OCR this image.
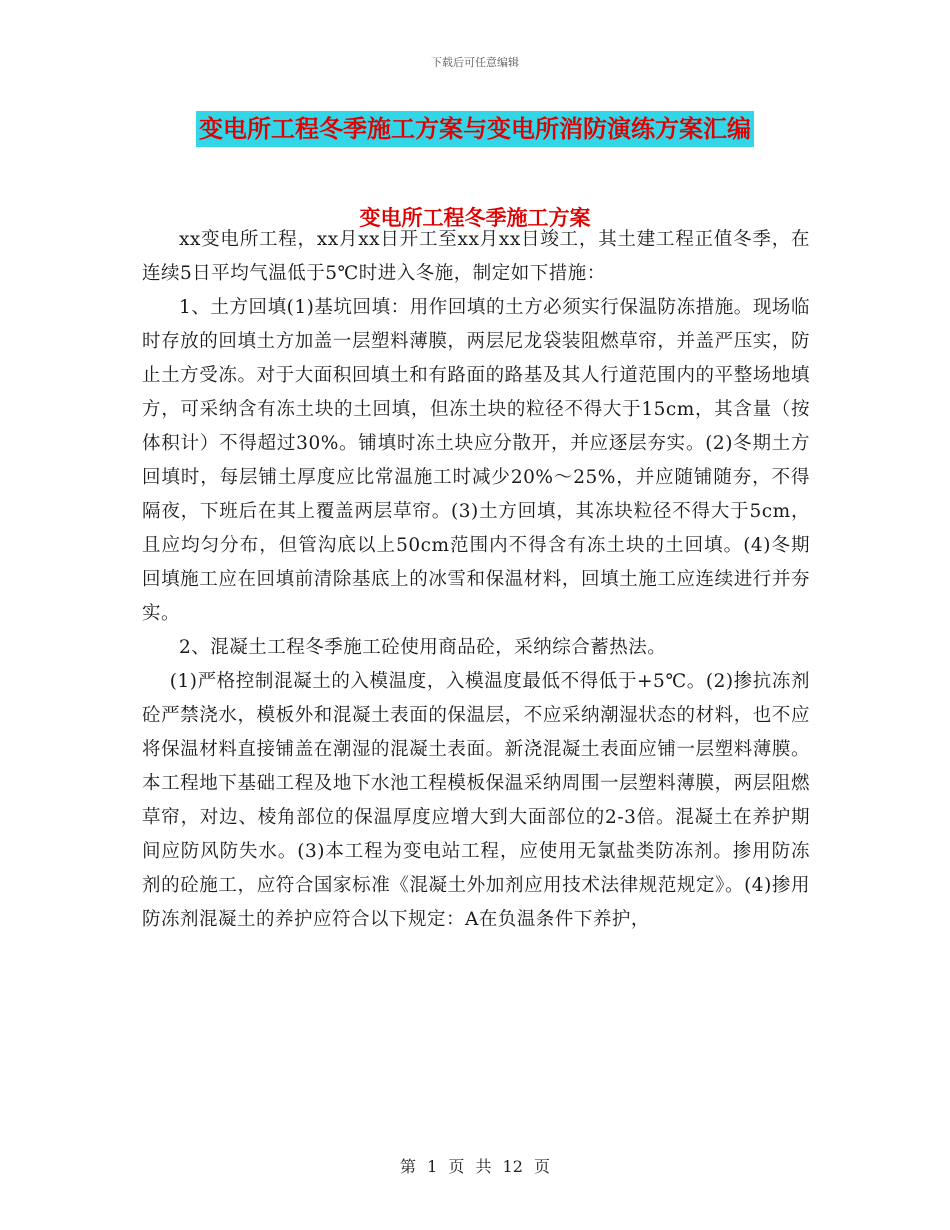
下载后可任意编辑
变电所工程冬季施工方案与变电所消防演练方案汇编
变电所工程冬季施工方案

xx变电所工程，xx月xx日开工至xx月xx日竣工，其土建工程正值冬季，在连续5日平均气温低于5℃时进入冬施，制定如下措施：

1、土方回填(1)基坑回填：用作回填的土方必须实行保温防冻措施。现场临时存放的回填土方加盖一层塑料薄膜，两层尼龙袋装阻燃草帘，并盖严压实，防止土方受冻。对于大面积回填土和有路面的路基及其人行道范围内的平整场地填方，可采纳含有冻土块的土回填，但冻土块的粒径不得大于15cm，其含量（按体积计）不得超过30%。铺填时冻土块应分散开，并应逐层夯实。(2)冬期土方回填时，每层铺土厚度应比常温施工时减少20%～25%，并应随铺随夯，不得隔夜，下班后在其上覆盖两层草帘。(3)土方回填，其冻块粒径不得大于5cm，且应均匀分布，但管沟底以上50cm范围内不得含有冻土块的土回填。(4)冬期回填施工应在回填前清除基底上的冰雪和保温材料，回填土施工应连续进行并夯实。

2、混凝土工程冬季施工砼使用商品砼，采纳综合蓄热法。

(1)严格控制混凝土的入模温度，入模温度最低不得低于+5℃。(2)掺抗冻剂砼严禁浇水，模板外和混凝土表面的保温层，不应采纳潮湿状态的材料，也不应将保温材料直接铺盖在潮湿的混凝土表面。新浇混凝土表面应铺一层塑料薄膜。本工程地下基础工程及地下水池工程模板保温采纳周围一层塑料薄膜，两层阻燃草帘，对边、棱角部位的保温厚度应增大到大面部位的2-3倍。混凝土在养护期间应防风防失水。(3)本工程为变电站工程，应使用无氯盐类防冻剂。掺用防冻剂的砼施工，应符合国家标准《混凝土外加剂应用技术法律规范规定》。(4)掺用防冻剂混凝土的养护应符合以下规定：A在负温条件下养护，

第 1 页 共 12 页
